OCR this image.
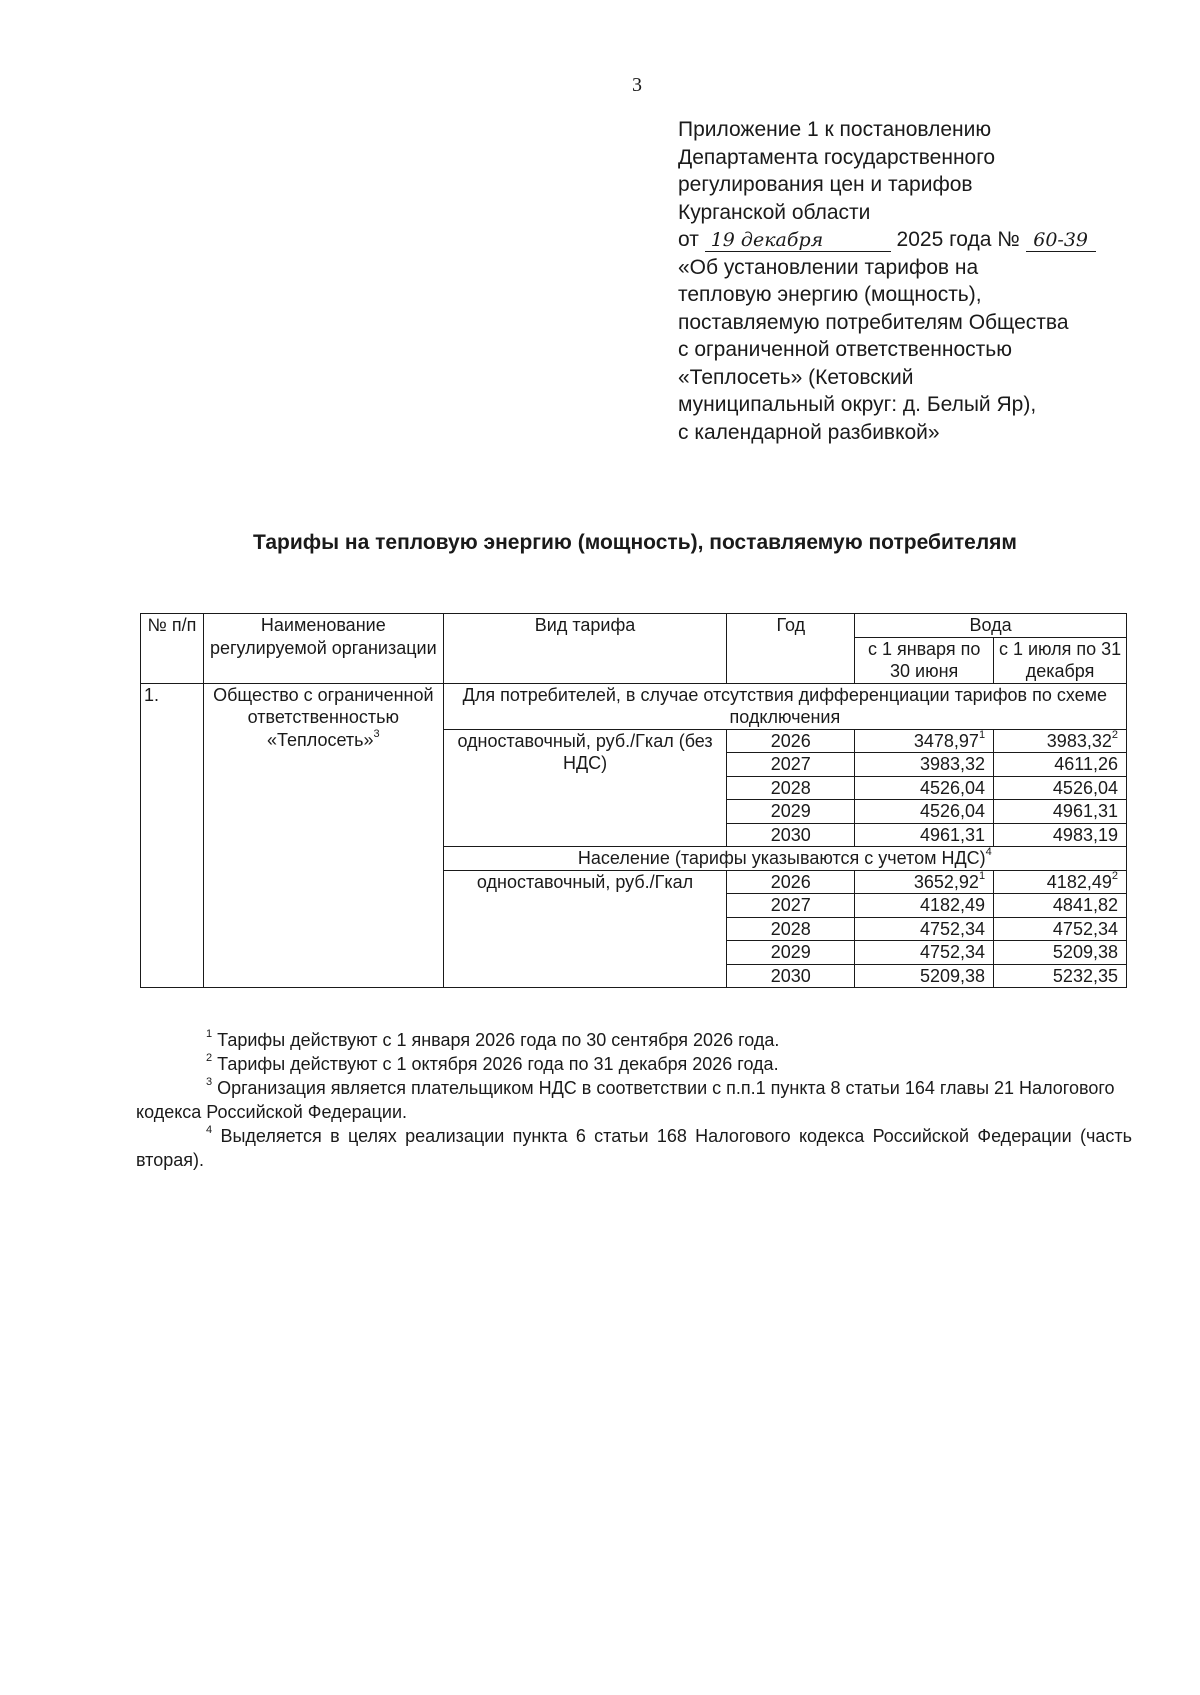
3
Приложение 1 к постановлению
Департамента государственного
регулирования цен и тарифов
Курганской области
от 19 декабря	2025 года № 60-39
«Об установлении тарифов на
тепловую энергию (мощность),
поставляемую потребителям Общества
с ограниченной ответственностью
«Теплосеть» (Кетовский
муниципальный округ: д. Белый Яр),
с календарной разбивкой»
Тарифы на тепловую энергию (мощность), поставляемую потребителям
№ п/п	Наименование регулируемой организации	Вид тарифа	Год	Вода	
				с 1 января по 30 июня	с 1 июля по 31 декабря
1.	Общество с ограниченной ответственностью «Теплосеть»$^3$	Для потребителей, в случае отсутствия дифференциации тарифов по схеме подключения			
		одноставочный, руб./Гкал (без НДС)	2026	3478,97$^1$	3983,32$^2$
			2027	3983,32	4611,26
			2028	4526,04	4526,04
			2029	4526,04	4961,31
			2030	4961,31	4983,19
		Население (тарифы указываются с учетом НДС)$^4$
		одноставочный, руб./Гкал	2026	3652,92$^1$	4182,49$^2$
			2027	4182,49	4841,82
			2028	4752,34	4752,34
			2029	4752,34	5209,38
			2030	5209,38	5232,35

$^1$ Тарифы действуют с 1 января 2026 года по 30 сентября 2026 года.

$^2$ Тарифы действуют с 1 октября 2026 года по 31 декабря 2026 года.

$^3$ Организация является плательщиком НДС в соответствии с п.п.1 пункта 8 статьи 164 главы 21 Налогового кодекса Российской Федерации.

$^4$ Выделяется в целях реализации пункта 6 статьи 168 Налогового кодекса Российской Федерации (часть вторая).
